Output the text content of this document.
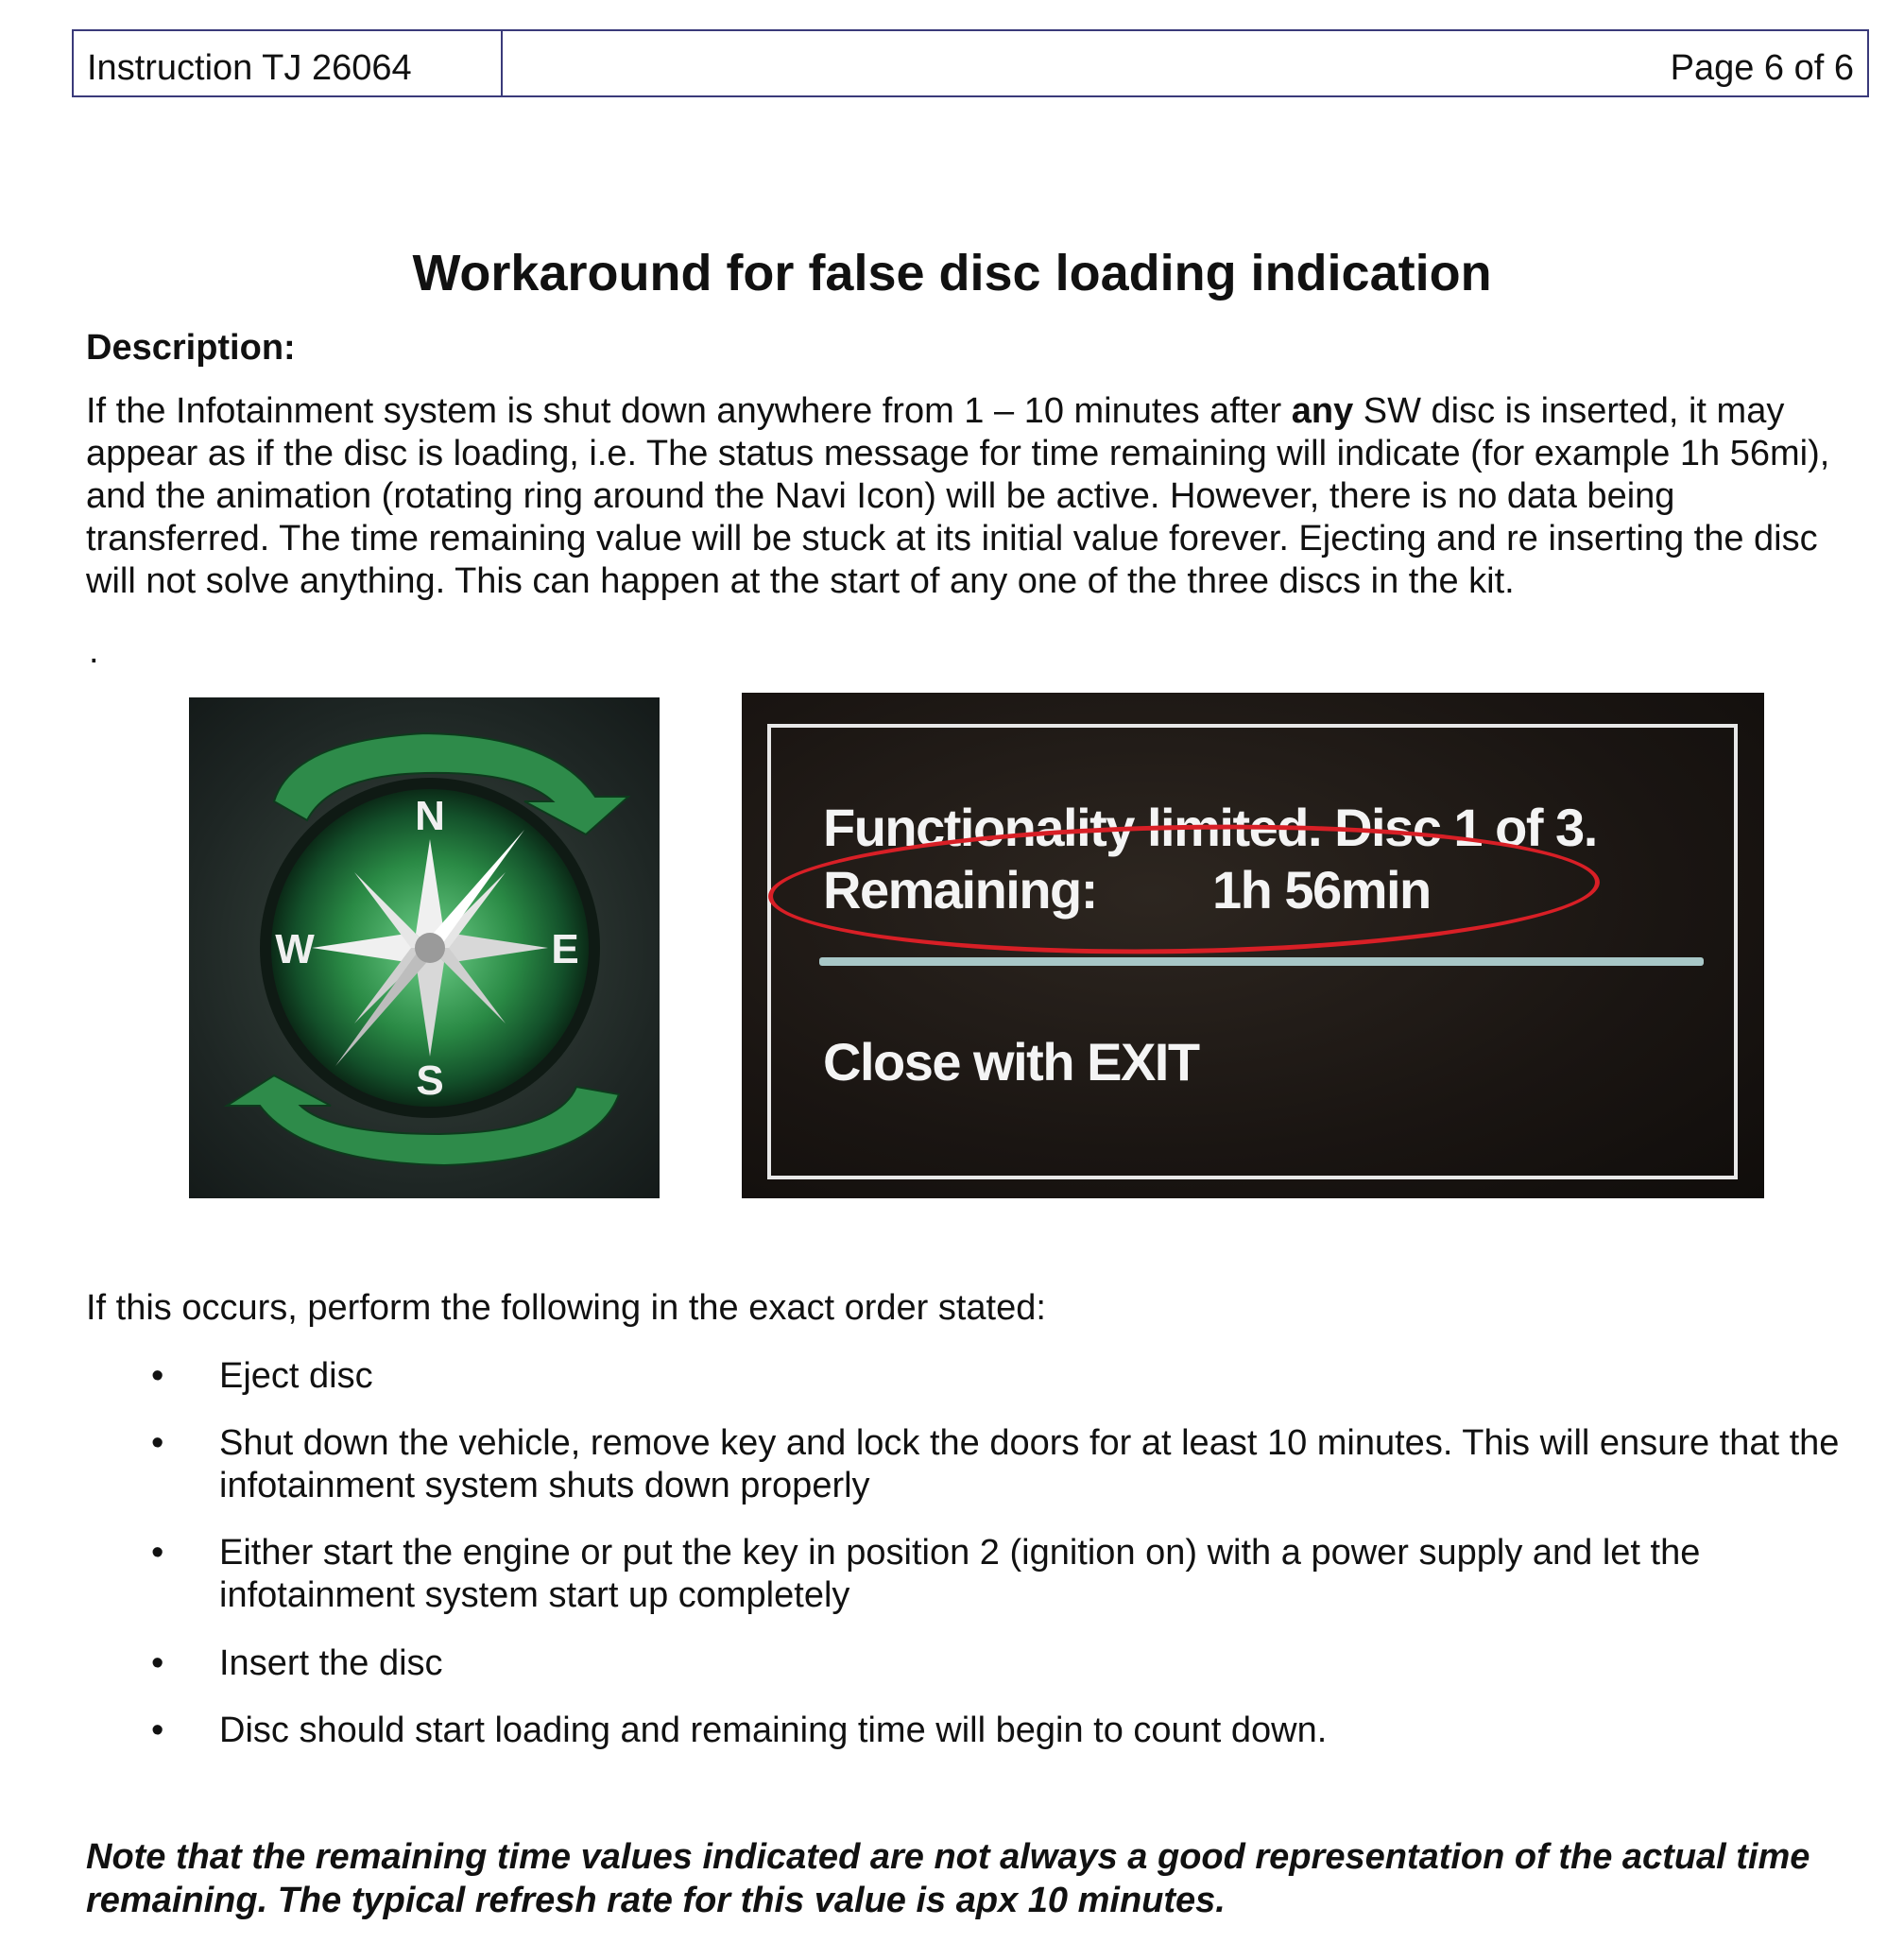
Instruction TJ 26064	Page 6 of 6
Workaround for false disc loading indication
Description:
If the Infotainment system is shut down anywhere from 1 – 10 minutes after any SW disc is inserted, it may appear as if the disc is loading, i.e. The status message for time remaining will indicate (for example 1h 56mi), and the animation (rotating ring around the Navi Icon) will be active. However, there is no data being transferred. The time remaining value will be stuck at its initial value forever. Ejecting and re inserting the disc will not solve anything. This can happen at the start of any one of the three discs in the kit.
.
N
S
E
W
Functionality limited. Disc 1 of 3.
Remaining: 1h 56min
Close with EXIT
If this occurs, perform the following in the exact order stated:
• Eject disc
• Shut down the vehicle, remove key and lock the doors for at least 10 minutes. This will ensure that the infotainment system shuts down properly
• Either start the engine or put the key in position 2 (ignition on) with a power supply and let the infotainment system start up completely
• Insert the disc
• Disc should start loading and remaining time will begin to count down.
Note that the remaining time values indicated are not always a good representation of the actual time remaining. The typical refresh rate for this value is apx 10 minutes.
